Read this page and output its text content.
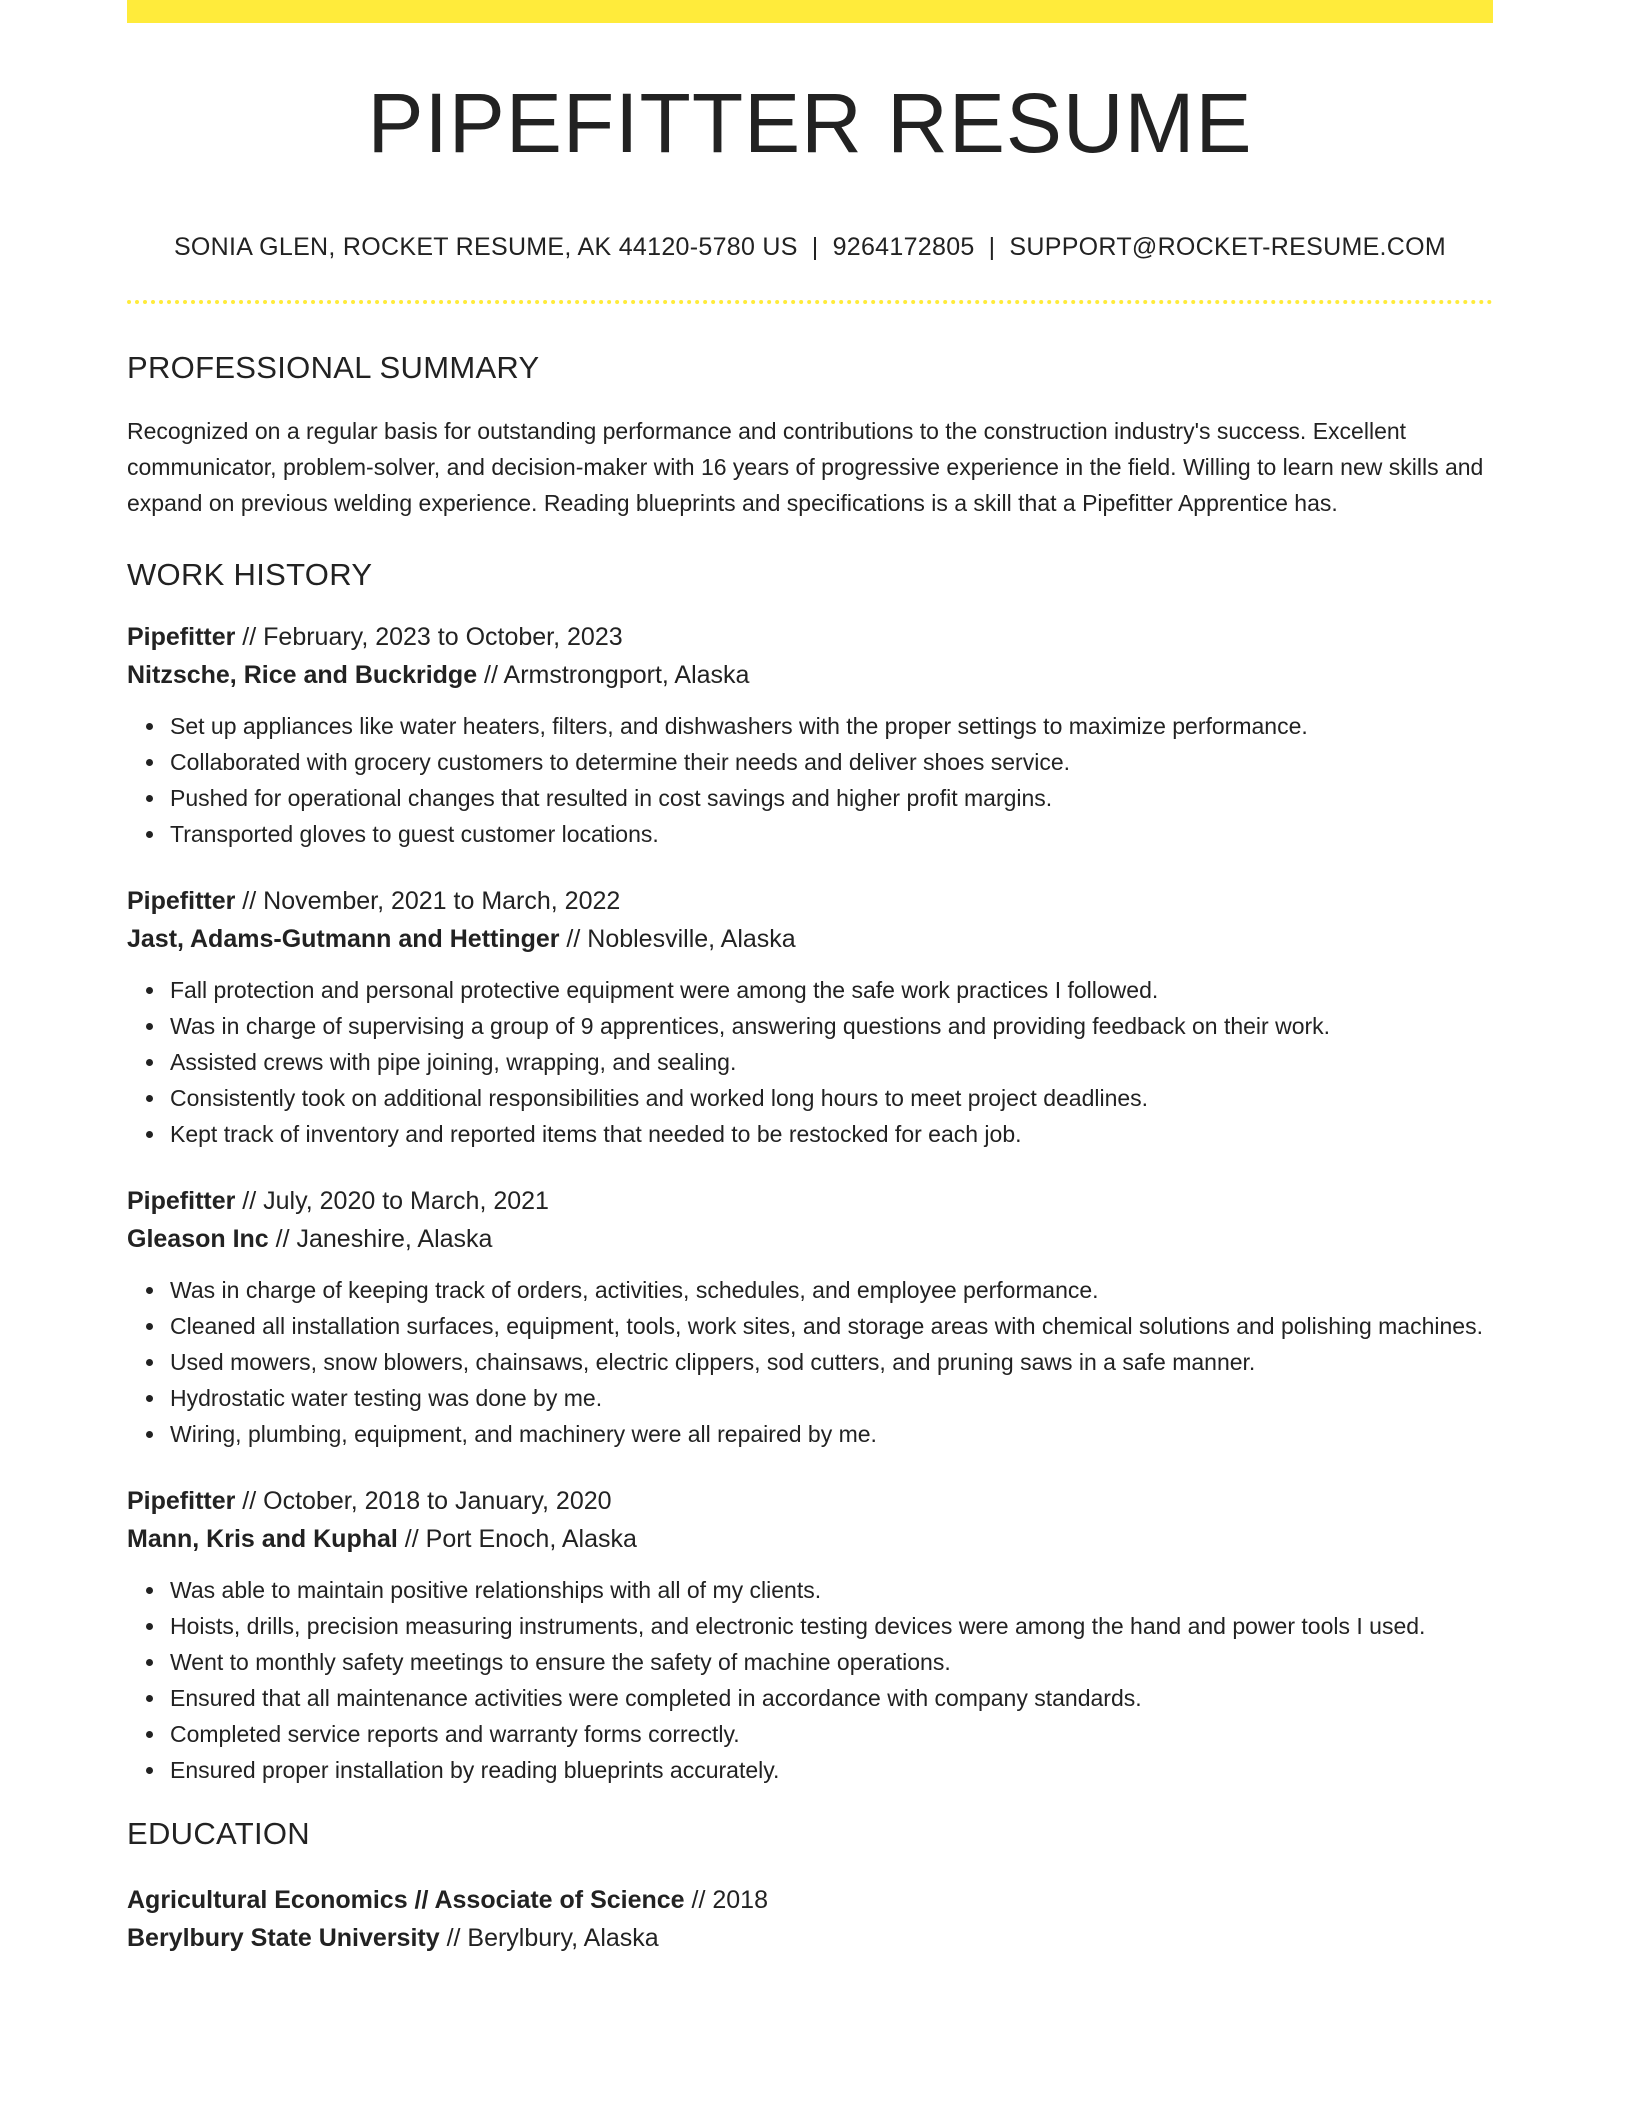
PIPEFITTER RESUME
SONIA GLEN, ROCKET RESUME, AK 44120-5780 US | 9264172805 | SUPPORT@ROCKET-RESUME.COM
PROFESSIONAL SUMMARY

Recognized on a regular basis for outstanding performance and contributions to the construction industry's success. Excellent communicator, problem-solver, and decision-maker with 16 years of progressive experience in the field. Willing to learn new skills and expand on previous welding experience. Reading blueprints and specifications is a skill that a Pipefitter Apprentice has.

WORK HISTORY
Pipefitter // February, 2023 to October, 2023
Nitzsche, Rice and Buckridge // Armstrongport, Alaska
Set up appliances like water heaters, filters, and dishwashers with the proper settings to maximize performance.
Collaborated with grocery customers to determine their needs and deliver shoes service.
Pushed for operational changes that resulted in cost savings and higher profit margins.
Transported gloves to guest customer locations.
Pipefitter // November, 2021 to March, 2022
Jast, Adams-Gutmann and Hettinger // Noblesville, Alaska
Fall protection and personal protective equipment were among the safe work practices I followed.
Was in charge of supervising a group of 9 apprentices, answering questions and providing feedback on their work.
Assisted crews with pipe joining, wrapping, and sealing.
Consistently took on additional responsibilities and worked long hours to meet project deadlines.
Kept track of inventory and reported items that needed to be restocked for each job.
Pipefitter // July, 2020 to March, 2021
Gleason Inc // Janeshire, Alaska
Was in charge of keeping track of orders, activities, schedules, and employee performance.
Cleaned all installation surfaces, equipment, tools, work sites, and storage areas with chemical solutions and polishing machines.
Used mowers, snow blowers, chainsaws, electric clippers, sod cutters, and pruning saws in a safe manner.
Hydrostatic water testing was done by me.
Wiring, plumbing, equipment, and machinery were all repaired by me.
Pipefitter // October, 2018 to January, 2020
Mann, Kris and Kuphal // Port Enoch, Alaska
Was able to maintain positive relationships with all of my clients.
Hoists, drills, precision measuring instruments, and electronic testing devices were among the hand and power tools I used.
Went to monthly safety meetings to ensure the safety of machine operations.
Ensured that all maintenance activities were completed in accordance with company standards.
Completed service reports and warranty forms correctly.
Ensured proper installation by reading blueprints accurately.
EDUCATION
Agricultural Economics // Associate of Science // 2018
Berylbury State University // Berylbury, Alaska
